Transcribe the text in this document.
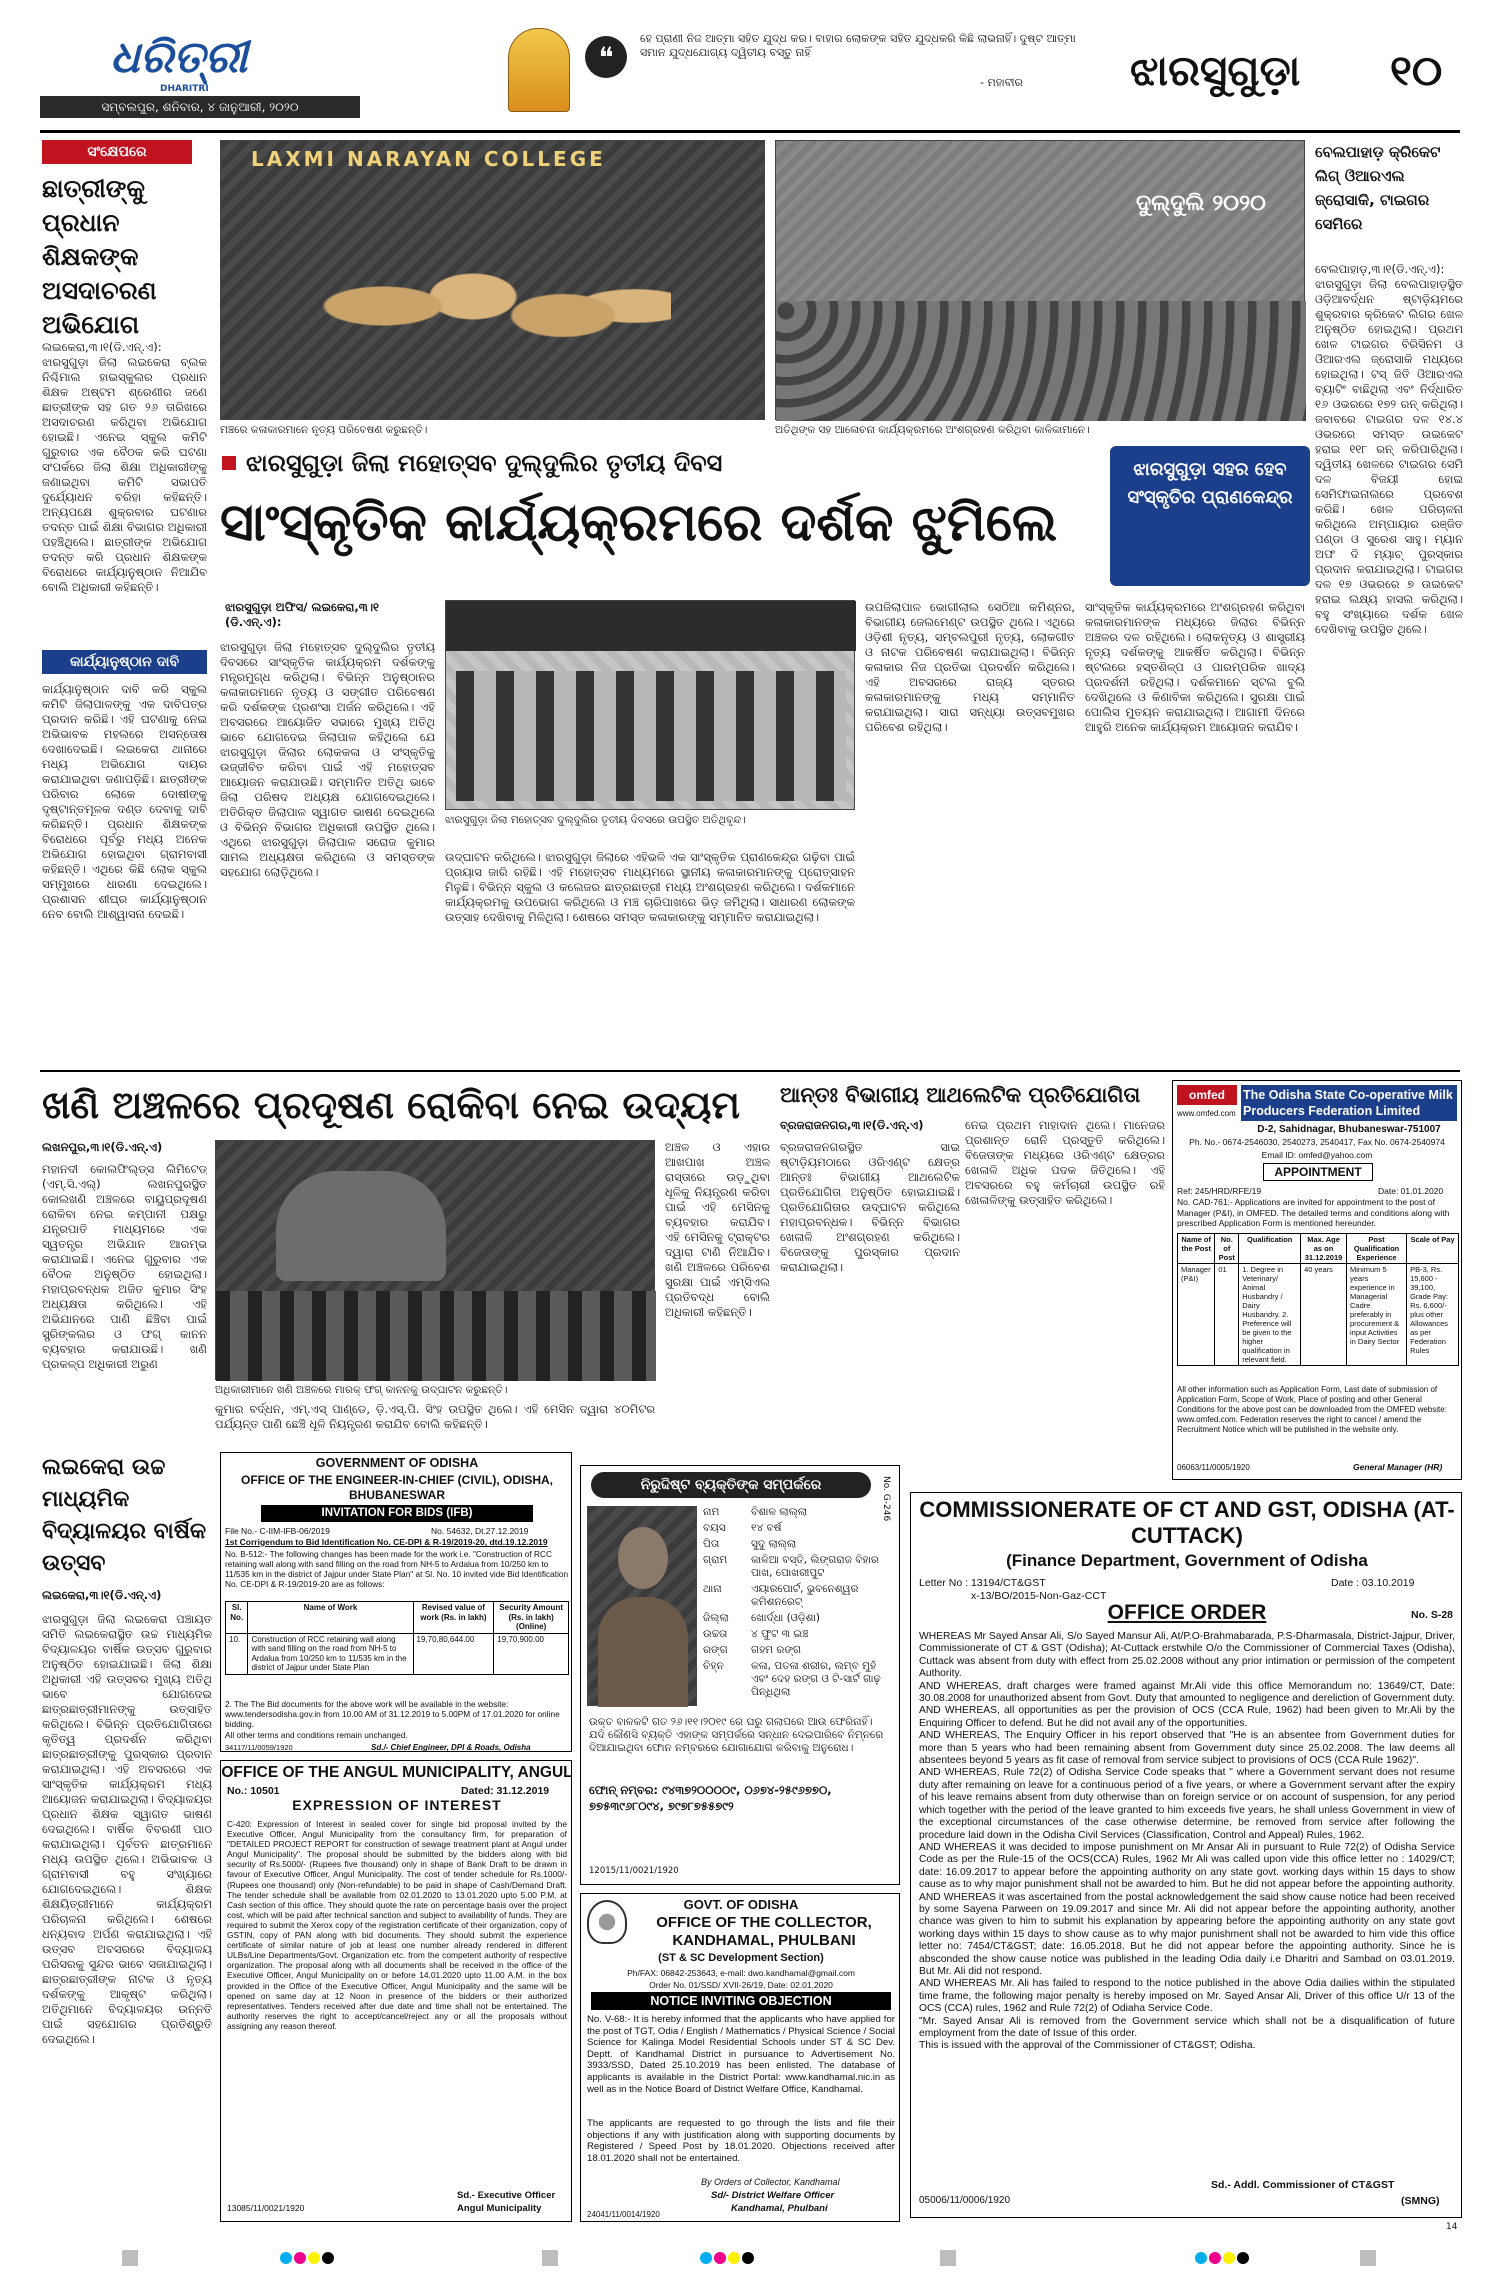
ଧରିତ୍ରୀ
DHARITRI
ସମ୍ବଲପୁର, ଶନିବାର, ୪ ଜାନୁଆରୀ, ୨୦୨୦
❝
ହେ ପ୍ରାଣୀ ନିଜ ଆତ୍ମା ସହିତ ଯୁଦ୍ଧ କର। ବାହାର ଲୋକଙ୍କ ସହିତ ଯୁଦ୍ଧକରି କିଛି ଲାଭନାହିଁ। ଦୁଷ୍ଟ ଆତ୍ମା ସମାନ ଯୁଦ୍ଧଯୋଗ୍ୟ ଦ୍ୱିତୀୟ ବସ୍ତୁ ନାହିଁ
- ମହାବୀର	ଝାରସୁଗୁଡ଼ା ୧୦
ସଂକ୍ଷେପରେ
ଛାତ୍ରୀଙ୍କୁ ପ୍ରଧାନ ଶିକ୍ଷକଙ୍କ ଅସଦାଚରଣ ଅଭିଯୋଗ
ଲଇକେରା,୩।୧(ଡି.ଏନ୍‌.ଏ): ଝାରସୁଗୁଡ଼ା ଜିଲା ଲଇକେରା ବ୍ଲକ ନିଶ୍ଚିମାଲ ହାଇସ୍କୁଲର ପ୍ରଧାନ ଶିକ୍ଷକ ଅଷ୍ଟମ ଶ୍ରେଣୀର ଜଣେ ଛାତ୍ରୀଙ୍କ ସହ ଗତ ୨୬ ତାରିଖରେ ଅସଦାଚରଣ କରିଥିବା ଅଭିଯୋଗ ହୋଇଛି। ଏନେଇ ସ୍କୁଲ କମିଟି ଗୁରୁବାର ଏକ ବୈଠକ କରି ଘଟଣା ସଂପର୍କରେ ଜିଲା ଶିକ୍ଷା ଅଧିକାରୀଙ୍କୁ ଜଣାଇଥିବା କମିଟି ସଭାପତି ଦୁର୍ଯ୍ୟୋଧନ ବରିହା କହିଛନ୍ତି। ଅନ୍ୟପକ୍ଷେ ଶୁକ୍ରବାର ଘଟଣାର ତଦନ୍ତ ପାଇଁ ଶିକ୍ଷା ବିଭାଗର ଅଧିକାରୀ ପହଞ୍ଚିଥିଲେ। ଛାତ୍ରୀଙ୍କ ଅଭିଯୋଗ ତଦନ୍ତ କରି ପ୍ରଧାନ ଶିକ୍ଷକଙ୍କ ବିରୋଧରେ କାର୍ଯ୍ୟାନୁଷ୍ଠାନ ନିଆଯିବ ବୋଲି ଅଧିକାରୀ କହିଛନ୍ତି।
କାର୍ଯ୍ୟାନୁଷ୍ଠାନ ଦାବି
କାର୍ଯ୍ୟାନୁଷ୍ଠାନ ଦାବି କରି ସ୍କୁଲ କମିଟି ଜିଲାପାଳଙ୍କୁ ଏକ ଦାବିପତ୍ର ପ୍ରଦାନ କରିଛି। ଏହି ଘଟଣାକୁ ନେଇ ଅଭିଭାବକ ମହଲରେ ଅସନ୍ତୋଷ ଦେଖାଦେଇଛି। ଲଇକେରା ଥାନାରେ ମଧ୍ୟ ଅଭିଯୋଗ ଦାୟର କରାଯାଇଥିବା ଜଣାପଡ଼ିଛି। ଛାତ୍ରୀଙ୍କ ପରିବାର ଲୋକେ ଦୋଷୀଙ୍କୁ ଦୃଷ୍ଟାନ୍ତମୂଳକ ଦଣ୍ଡ ଦେବାକୁ ଦାବି କରିଛନ୍ତି। ପ୍ରଧାନ ଶିକ୍ଷକଙ୍କ ବିରୋଧରେ ପୂର୍ବରୁ ମଧ୍ୟ ଅନେକ ଅଭିଯୋଗ ହୋଇଥିବା ଗ୍ରାମବାସୀ କହିଛନ୍ତି। ଏଥିରେ କିଛି ଲୋକ ସ୍କୁଲ ସମ୍ମୁଖରେ ଧାରଣା ଦେଇଥିଲେ। ପ୍ରଶାସନ ଶୀଘ୍ର କାର୍ଯ୍ୟାନୁଷ୍ଠାନ ନେବ ବୋଲି ଆଶ୍ୱାସନା ଦେଇଛି।
LAXMI NARAYAN COLLEGE
ମଞ୍ଚରେ କଳାକାରମାନେ ନୃତ୍ୟ ପରିବେଷଣ କରୁଛନ୍ତି।
ଦୁଲ୍‌ଦୁଲି ୨୦୨୦
ଅତିଥିଙ୍କ ସହ ଆଳୋଚନା କାର୍ଯ୍ୟକ୍ରମରେ ଅଂଶଗ୍ରହଣ କରିଥିବା କାଳିକାମାନେ।
ବେଲପାହାଡ଼ କ୍ରିକେଟ ଲିଗ୍‌ ଓିଆରଏଲ ଜ୍ରୋସାକି, ଟାଇଗର ସେମିରେ
ବେଲପାହାଡ଼,୩।୧(ଡି.ଏନ୍‌.ଏ): ଝାରସୁଗୁଡ଼ା ଜିଲା ବେଲପାହାଡ଼ସ୍ଥିତ ଓଡ଼ିଆବର୍ଦ୍ଧନ ଷ୍ଟାଡ଼ିୟମରେ ଶୁକ୍ରବାର କ୍ରିକେଟ ଲିଗର ଖେଳ ଅନୁଷ୍ଠିତ ହୋଇଥିଲା। ପ୍ରଥମ ଖେଳ ଟାଇଗର ବିରିସିନମ ଓ ଓିଆରଏଲ ଜ୍ରୋସାକି ମଧ୍ୟରେ ହୋଇଥିଲା। ଟସ୍‌ ଜିତି ଓିଆରଏଲ ବ୍ୟାଟିଂ ବାଛିଥିଲା ଏବଂ ନିର୍ଦ୍ଧାରିତ ୧୬ ଓଭରରେ ୧୭୨ ରନ୍‌ କରିଥିଲା। ଜବାବରେ ଟାଇଗର ଦଳ ୧୪.୪ ଓଭରରେ ସମସ୍ତ ଉଇକେଟ ହରାଇ ୧୧୮ ରନ୍‌ କରିପାରିଥିଲା। ଦ୍ୱିତୀୟ ଖେଳରେ ଟାଇଗର ସେମି ଦଳ ବିଜୟୀ ହୋଇ ସେମିଫାଇନାଲରେ ପ୍ରବେଶ କରିଛି। ଖେଳ ପରିଚାଳନା କରିଥିଲେ ଅମ୍ପାୟାର ରଞ୍ଜିତ ପଣ୍ଡା ଓ ସୁରେଶ ସାହୁ। ମ୍ୟାନ ଅଫ ଦି ମ୍ୟାଚ୍‌ ପୁରସ୍କାର ପ୍ରଦାନ କରାଯାଇଥିଲା। ଟାଇଗର ଦଳ ୧୭ ଓଭରରେ ୭ ଉଇକେଟ ହରାଇ ଲକ୍ଷ୍ୟ ହାସଲ କରିଥିଲା। ବହୁ ସଂଖ୍ୟାରେ ଦର୍ଶକ ଖେଳ ଦେଖିବାକୁ ଉପସ୍ଥିତ ଥିଲେ।
ଝାରସୁଗୁଡ଼ା ଜିଲା ମହୋତ୍ସବ ଦୁଲ୍‌ଦୁଲିର ତୃତୀୟ ଦିବସ
ସାଂସ୍କୃତିକ କାର୍ଯ୍ୟକ୍ରମରେ ଦର୍ଶକ ଝୁମିଲେ
ଝାରସୁଗୁଡ଼ା ସହର ହେବ ସଂସ୍କୃତିର ପ୍ରାଣକେନ୍ଦ୍ର
ଝାରସୁଗୁଡ଼ା ଅଫିସ/ ଲଇକେରା,୩।୧ (ଡି.ଏନ୍‌.ଏ):
ଝାରସୁଗୁଡ଼ା ଜିଲା ମହୋତ୍ସବ ଦୁଲ୍‌ଦୁଲିର ତୃତୀୟ ଦିବସରେ ସାଂସ୍କୃତିକ କାର୍ଯ୍ୟକ୍ରମ ଦର୍ଶକଙ୍କୁ ମନ୍ତ୍ରମୁଗ୍ଧ କରିଥିଲା। ବିଭିନ୍ନ ଅନୁଷ୍ଠାନର କଳାକାରମାନେ ନୃତ୍ୟ ଓ ସଙ୍ଗୀତ ପରିବେଷଣ କରି ଦର୍ଶକଙ୍କ ପ୍ରଶଂସା ଅର୍ଜନ କରିଥିଲେ। ଏହି ଅବସରରେ ଆୟୋଜିତ ସଭାରେ ମୁଖ୍ୟ ଅତିଥି ଭାବେ ଯୋଗଦେଇ ଜିଲାପାଳ କହିଥିଲେ ଯେ ଝାରସୁଗୁଡ଼ା ଜିଲାର ଲୋକକଳା ଓ ସଂସ୍କୃତିକୁ ଉଜ୍ଜୀବିତ କରିବା ପାଇଁ ଏହି ମହୋତ୍ସବ ଆୟୋଜନ କରାଯାଉଛି। ସମ୍ମାନିତ ଅତିଥି ଭାବେ ଜିଲା ପରିଷଦ ଅଧ୍ୟକ୍ଷ ଯୋଗଦେଇଥିଲେ। ଅତିରିକ୍ତ ଜିଲାପାଳ ସ୍ୱାଗତ ଭାଷଣ ଦେଇଥିଲେ ଓ ବିଭିନ୍ନ ବିଭାଗର ଅଧିକାରୀ ଉପସ୍ଥିତ ଥିଲେ। ଏଥିରେ ଝାରସୁଗୁଡ଼ା ଜିଲାପାଳ ସରୋଜ କୁମାର ସାମଲ ଅଧ୍ୟକ୍ଷତା କରିଥିଲେ ଓ ସମସ୍ତଙ୍କ ସହଯୋଗ ଲୋଡ଼ିଥିଲେ।
ଝାରସୁଗୁଡ଼ା ଜିଲା ମହୋତ୍ସବ ଦୁଲ୍‌ଦୁଲିର ତୃତୀୟ ଦିବସରେ ଉପସ୍ଥିତ ଅତିଥିବୃନ୍ଦ।
ଉଦ୍‌ଘାଟନ କରିଥିଲେ। ଝାରସୁଗୁଡ଼ା ଜିଲାରେ ଏହିଭଳି ଏକ ସାଂସ୍କୃତିକ ପ୍ରାଣକେନ୍ଦ୍ର ଗଢ଼ିବା ପାଇଁ ପ୍ରୟାସ ଜାରି ରହିଛି। ଏହି ମହୋତ୍ସବ ମାଧ୍ୟମରେ ସ୍ଥାନୀୟ କଳାକାରମାନଙ୍କୁ ପ୍ରୋତ୍ସାହନ ମିଳୁଛି। ବିଭିନ୍ନ ସ୍କୁଲ ଓ କଲେଜର ଛାତ୍ରଛାତ୍ରୀ ମଧ୍ୟ ଅଂଶଗ୍ରହଣ କରିଥିଲେ। ଦର୍ଶକମାନେ କାର୍ଯ୍ୟକ୍ରମକୁ ଉପଭୋଗ କରିଥିଲେ ଓ ମଞ୍ଚ ଚାରିପାଖରେ ଭିଡ଼ ଜମିଥିଲା। ସାଧାରଣ ଲୋକଙ୍କ ଉତ୍ସାହ ଦେଖିବାକୁ ମିଳିଥିଲା। ଶେଷରେ ସମସ୍ତ କଳାକାରଙ୍କୁ ସମ୍ମାନିତ କରାଯାଇଥିଲା।
ଉପଜିଲାପାଳ ଭୋଗୀଲାଲ ସେଠିଆ କମିଶ୍ନର, ବିଭାଗୀୟ ଜେଲମେଣ୍ଟ ଉପସ୍ଥିତ ଥିଲେ। ଏଥିରେ ଓଡ଼ିଶୀ ନୃତ୍ୟ, ସମ୍ବଲପୁରୀ ନୃତ୍ୟ, ଲୋକଗୀତ ଓ ନାଟକ ପରିବେଷଣ କରାଯାଇଥିଲା। ବିଭିନ୍ନ କଳାକାର ନିଜ ପ୍ରତିଭା ପ୍ରଦର୍ଶନ କରିଥିଲେ। ଏହି ଅବସରରେ ରାଜ୍ୟ ସ୍ତରର କଳାକାରମାନଙ୍କୁ ମଧ୍ୟ ସମ୍ମାନିତ କରାଯାଇଥିଲା। ସାରା ସନ୍ଧ୍ୟା ଉତ୍ସବମୁଖର ପରିବେଶ ରହିଥିଲା।
ସାଂସ୍କୃତିକ କାର୍ଯ୍ୟକ୍ରମରେ ଅଂଶଗ୍ରହଣ କରିଥିବା କଳାକାରମାନଙ୍କ ମଧ୍ୟରେ ଜିଲାର ବିଭିନ୍ନ ଅଞ୍ଚଳର ଦଳ ରହିଥିଲେ। ଲୋକନୃତ୍ୟ ଓ ଶାସ୍ତ୍ରୀୟ ନୃତ୍ୟ ଦର୍ଶକଙ୍କୁ ଆକର୍ଷିତ କରିଥିଲା। ବିଭିନ୍ନ ଷ୍ଟଲରେ ହସ୍ତଶିଳ୍ପ ଓ ପାରମ୍ପରିକ ଖାଦ୍ୟ ପ୍ରଦର୍ଶନୀ ରହିଥିଲା। ଦର୍ଶକମାନେ ସ୍ଟଲ ବୁଲି ଦେଖିଥିଲେ ଓ କିଣାବିକା କରିଥିଲେ। ସୁରକ୍ଷା ପାଇଁ ପୋଲିସ ମୁତୟନ କରାଯାଇଥିଲା। ଆଗାମୀ ଦିନରେ ଆହୁରି ଅନେକ କାର୍ଯ୍ୟକ୍ରମ ଆୟୋଜନ କରାଯିବ।
ଖଣି ଅଞ୍ଚଳରେ ପ୍ରଦୂଷଣ ରୋକିବା ନେଇ ଉଦ୍ୟମ
ଲଖନପୁର,୩।୧(ଡି.ଏନ୍‌.ଏ)
ମହାନଦୀ କୋଲଫିଲ୍ଡ୍‌ସ ଲିମିଟେଡ୍‌ (ଏମ୍‌.ସି.ଏଲ୍‌) ଲଖନପୁରସ୍ଥିତ କୋଲଖଣି ଅଞ୍ଚଳରେ ବାୟୁପ୍ରଦୂଷଣ ରୋକିବା ନେଇ କମ୍ପାନୀ ପକ୍ଷରୁ ଯନ୍ତ୍ରପାତି ମାଧ୍ୟମରେ ଏକ ସ୍ୱତନ୍ତ୍ର ଅଭିଯାନ ଆରମ୍ଭ କରାଯାଇଛି। ଏନେଇ ଗୁରୁବାର ଏକ ବୈଠକ ଅନୁଷ୍ଠିତ ହୋଇଥିଲା। ମହାପ୍ରବନ୍ଧକ ଅଜିତ କୁମାର ସିଂହ ଅଧ୍ୟକ୍ଷତା କରିଥିଲେ। ଏହି ଅଭିଯାନରେ ପାଣି ଛିଞ୍ଚିବା ପାଇଁ ସ୍ପ୍ରିଙ୍କଲର ଓ ଫଗ୍‌ କାନନ ବ୍ୟବହାର କରାଯାଉଛି। ଖଣି ପ୍ରକଳ୍ପ ଅଧିକାରୀ ଅରୁଣ
ଅଧିକାରୀମାନେ ଖଣି ଅଞ୍ଚଳରେ ମାରକ୍ ଫଗ୍ କାନନକୁ ଉଦ୍‌ଘାଟନ କରୁଛନ୍ତି।
କୁମାର ବର୍ଦ୍ଧନ, ଏମ୍‌.ଏସ୍‌ ପାଣ୍ଡେ, ଡ଼ି.ଏସ୍‌.ପି. ସିଂହ ଉପସ୍ଥିତ ଥିଲେ। ଏହି ମେସିନ ଦ୍ୱାରା ୪୦ମିଟର ପର୍ଯ୍ୟନ୍ତ ପାଣି ଛେଞ୍ଚି ଧୂଳି ନିୟନ୍ତ୍ରଣ କରାଯିବ ବୋଲି କହିଛନ୍ତି।
ଅଞ୍ଚଳ ଓ ଏହାର ଆଖପାଖ ଅଞ୍ଚଳ ରାସ୍ତାରେ ଉଡ଼ୁଥିବା ଧୂଳିକୁ ନିୟନ୍ତ୍ରଣ କରିବା ପାଇଁ ଏହି ମେସିନକୁ ବ୍ୟବହାର କରାଯିବ। ଏହି ମେସିନକୁ ଟ୍ରାକ୍ଟର ଦ୍ୱାରା ଟାଣି ନିଆଯିବ। ଖଣି ଅଞ୍ଚଳରେ ପରିବେଶ ସୁରକ୍ଷା ପାଇଁ ଏମ୍‌ସିଏଲ ପ୍ରତିବଦ୍ଧ ବୋଲି ଅଧିକାରୀ କହିଛନ୍ତି।
ଆନ୍ତଃ ବିଭାଗୀୟ ଆଥଲେଟିକ ପ୍ରତିଯୋଗିତା
ବ୍ରଜରାଜନଗର,୩।୧(ଡି.ଏନ୍‌.ଏ)
ବ୍ରଜରାଜନଗରସ୍ଥିତ ସାଇ ଷ୍ଟାଡ଼ିୟମଠାରେ ଓରିଏଣ୍ଟ କ୍ଷେତ୍ର ଆନ୍ତଃ ବିଭାଗୀୟ ଆଥଲେଟିକ ପ୍ରତିଯୋଗିତା ଅନୁଷ୍ଠିତ ହୋଇଯାଇଛି। ପ୍ରତିଯୋଗିତାର ଉଦ୍‌ଘାଟନ କରିଥିଲେ ମହାପ୍ରବନ୍ଧକ। ବିଭିନ୍ନ ବିଭାଗର ଖେଳାଳି ଅଂଶଗ୍ରହଣ କରିଥିଲେ। ବିଜେତାଙ୍କୁ ପୁରସ୍କାର ପ୍ରଦାନ କରାଯାଇଥିଲା।
ନେଇ ପ୍ରଥମ ମାହାଦାନ ଥିଲେ। ମାନେଜର ପ୍ରଶାନ୍ତ ରୋନି ପ୍ରସ୍ତୁତି କରିଥିଲେ। ବିଜେତାଙ୍କ ମଧ୍ୟରେ ଓରିଏଣ୍ଟ କ୍ଷେତ୍ରର ଖେଳାଳି ଅଧିକ ପଦକ ଜିତିଥିଲେ। ଏହି ଅବସରରେ ବହୁ କର୍ମଚାରୀ ଉପସ୍ଥିତ ରହି ଖେଳାଳିଙ୍କୁ ଉତ୍ସାହିତ କରିଥିଲେ।
omfed
www.omfed.com
The Odisha State Co-operative Milk Producers Federation Limited
D-2, Sahidnagar, Bhubaneswar-751007
Ph. No.- 0674-2546030, 2540273, 2540417, Fax No. 0674-2540974
Email ID: omfed@yahoo.com
APPOINTMENT
Ref: 245/HRD/RFE/19	Date: 01.01.2020
No. CAD-761:- Applications are invited for appointment to the post of Manager (P&I), in OMFED. The detailed terms and conditions along with prescribed Application Form is mentioned hereunder.
Name of the Post	No. of Post	Qualification	Max. Age as on 31.12.2019	Post Qualification Experience	Scale of Pay
Manager (P&I)	01	1. Degree in Veterinary/ Animal Husbandry / Dairy Husbandry. 2. Preference will be given to the higher qualification in relevant field.	40 years	Minimum 5 years experience in Managerial Cadre preferably in procurement & input Activities in Dairy Sector	PB-3, Rs. 15,600 - 39,100, Grade Pay: Rs. 6,600/- plus other Allowances as per Federation Rules
All other information such as Application Form, Last date of submission of Application Form, Scope of Work, Place of posting and other General Conditions for the above post can be downloaded from the OMFED website: www.omfed.com. Federation reserves the right to cancel / amend the Recruitment Notice which will be published in the website only.
06063/11/0005/1920	General Manager (HR)
ନିରୁଦ୍ଦିଷ୍ଟ ବ୍ୟକ୍ତିଙ୍କ ସମ୍ପର୍କରେ	No. G-246
ନାମ	ବିଶାଳ ଲାଲ୍ଲା
ବୟସ	୧୪ ବର୍ଷ
ପିତା	ସୁଦୁ ଲାଲ୍ଲା
ଗ୍ରାମ	କାଳିଆ ବସ୍ତି, ଲିଙ୍ଗରାଜ ବିହାର ପାଖ, ପୋଖରୀପୁଟ
ଥାନା	ଏୟାରପୋର୍ଟ, ଭୁବନେଶ୍ୱର କମିଶନରେଟ୍‌
ଜିଲ୍ଲା	ଖୋର୍ଦ୍ଧା (ଓଡ଼ିଶା)
ଉଚ୍ଚତା	୪ ଫୁଟ ୩ ଇଞ୍ଚ
ରଙ୍ଗ	ଗହମ ରଙ୍ଗ
ଚିହ୍ନ	କଳା, ପତଳା ଶରୀର, ଲମ୍ବ ମୁହଁ ଏବଂ ଦେହ ରଙ୍ଗ ଓ ଟି-ସାର୍ଟ ଗାଢ଼ ପିନ୍ଧିଥିଲା
ଉକ୍ତ ବାଳକଟି ଗତ ୨୬।୧୧।୨୦୧୯ ରେ ଘରୁ ଗଲାପରେ ଆଉ ଫେରିନାହିଁ। ଯଦି କୌଣସି ବ୍ୟକ୍ତି ଏହାଙ୍କ ସମ୍ପର୍କରେ ସନ୍ଧାନ ଦେଇପାରିବେ ନିମ୍ନରେ ଦିଆଯାଇଥିବା ଫୋନ ନମ୍ବରରେ ଯୋଗାଯୋଗ କରିବାକୁ ଅନୁରୋଧ।
ଫୋନ୍‌ ନମ୍ବର: ୯୪୩୭୨୦୦୦୦୯, ୦୬୭୪-୨୫୯୬୭୭୦, ୭୭୫୩୯୬୮୦୯୪, ୭୯୭୮୭୫୫୭୯୨
12015/11/0021/1920
COMMISSIONERATE OF CT AND GST, ODISHA (AT- CUTTACK)
(Finance Department, Government of Odisha
Letter No : 13194/CT&GST
x-13/BO/2015-Non-Gaz-CCT
Date : 03.10.2019
OFFICE ORDER	No. S-28
WHEREAS Mr Sayed Ansar Ali, S/o Sayed Mansur Ali, At/P.O-Brahmabarada, P.S-Dharmasala, District-Jajpur, Driver, Commissionerate of CT & GST (Odisha); At-Cuttack erstwhile O/o the Commissioner of Commercial Taxes (Odisha), Cuttack was absent from duty with effect from 25.02.2008 without any prior intimation or permission of the competent Authority.
AND WHEREAS, draft charges were framed against Mr.Ali vide this office Memorandum no: 13649/CT, Date: 30.08.2008 for unauthorized absent from Govt. Duty that amounted to negligence and dereliction of Government duty.
AND WHEREAS, all opportunities as per the provision of OCS (CCA Rule, 1962) had been given to Mr.Ali by the Enquiring Officer to defend. But he did not avail any of the opportunities.
AND WHEREAS, The Enquiry Officer in his report observed that "He is an absentee from Government duties for more than 5 years who had been remaining absent from Government duty since 25.02.2008. The law deems all absentees beyond 5 years as fit case of removal from service subject to provisions of OCS (CCA Rule 1962)".
AND WHEREAS, Rule 72(2) of Odisha Service Code speaks that " where a Government servant does not resume duty after remaining on leave for a continuous period of a five years, or where a Government servant after the expiry of his leave remains absent from duty otherwise than on foreign service or on account of suspension, for any period which together with the period of the leave granted to him exceeds five years, he shall unless Government in view of the exceptional circumstances of the case otherwise determine, be removed from service after following the procedure laid down in the Odisha Civil Services (Classification, Control and Appeal) Rules, 1962.
AND WHEREAS it was decided to impose punishment on Mr Ansar Ali in pursuant to Rule 72(2) of Odisha Service Code as per the Rule-15 of the OCS(CCA) Rules, 1962 Mr Ali was called upon vide this office letter no : 14029/CT; date: 16.09.2017 to appear before the appointing authority on any state govt. working days within 15 days to show cause as to why major punishment shall not be awarded to him. But he did not appear before the appointing authority.
AND WHEREAS it was ascertained from the postal acknowledgement the said show cause notice had been received by some Sayena Parween on 19.09.2017 and since Mr. Ali did not appear before the appointing authority, another chance was given to him to submit his explanation by appearing before the appointing authority on any state govt working days within 15 days to show cause as to why major punishment shall not be awarded to him vide this office letter no: 7454/CT&GST; date: 16.05.2018. But he did not appear before the appointing authority. Since he is absconded the show cause notice was published in the leading Odia daily i.e Dharitri and Sambad on 03.01.2019. But Mr. Ali did not respond.
AND WHEREAS Mr. Ali has failed to respond to the notice published in the above Odia dailies within the stipulated time frame, the following major penalty is hereby imposed on Mr. Sayed Ansar Ali, Driver of this office U/r 13 of the OCS (CCA) rules, 1962 and Rule 72(2) of Odiaha Service Code.
"Mr. Sayed Ansar Ali is removed from the Government service which shall not be a disqualification of future employment from the date of Issue of this order.
This is issued with the approval of the Commissioner of CT&GST; Odisha.
Sd.- Addl. Commissioner of CT&GST
(SMNG)
05006/11/0006/1920
ଲଇକେରା ଉଚ୍ଚ ମାଧ୍ୟମିକ ବିଦ୍ୟାଳୟର ବାର୍ଷିକ ଉତ୍ସବ
ଲଇକେରା,୩।୧(ଡି.ଏନ୍‌.ଏ)
ଝାରସୁଗୁଡ଼ା ଜିଲା ଲଇକେରା ପଞ୍ଚାୟତ ସମିତି ଲଇକେରାସ୍ଥିତ ଉଚ୍ଚ ମାଧ୍ୟମିକ ବିଦ୍ୟାଳୟର ବାର୍ଷିକ ଉତ୍ସବ ଗୁରୁବାର ଅନୁଷ୍ଠିତ ହୋଇଯାଇଛି। ଜିଲା ଶିକ୍ଷା ଅଧିକାରୀ ଏହି ଉତ୍ସବର ମୁଖ୍ୟ ଅତିଥି ଭାବେ ଯୋଗଦେଇ ଛାତ୍ରଛାତ୍ରୀମାନଙ୍କୁ ଉତ୍ସାହିତ କରିଥିଲେ। ବିଭିନ୍ନ ପ୍ରତିଯୋଗିତାରେ କୃତିତ୍ୱ ପ୍ରଦର୍ଶନ କରିଥିବା ଛାତ୍ରଛାତ୍ରୀଙ୍କୁ ପୁରସ୍କାର ପ୍ରଦାନ କରାଯାଇଥିଲା। ଏହି ଅବସରରେ ଏକ ସାଂସ୍କୃତିକ କାର୍ଯ୍ୟକ୍ରମ ମଧ୍ୟ ଆୟୋଜନ କରାଯାଇଥିଲା। ବିଦ୍ୟାଳୟର ପ୍ରଧାନ ଶିକ୍ଷକ ସ୍ୱାଗତ ଭାଷଣ ଦେଇଥିଲେ। ବାର୍ଷିକ ବିବରଣୀ ପାଠ କରାଯାଇଥିଲା। ପୂର୍ବତନ ଛାତ୍ରମାନେ ମଧ୍ୟ ଉପସ୍ଥିତ ଥିଲେ। ଅଭିଭାବକ ଓ ଗ୍ରାମବାସୀ ବହୁ ସଂଖ୍ୟାରେ ଯୋଗଦେଇଥିଲେ। ଶିକ୍ଷକ ଶିକ୍ଷୟିତ୍ରୀମାନେ କାର୍ଯ୍ୟକ୍ରମ ପରିଚାଳନା କରିଥିଲେ। ଶେଷରେ ଧନ୍ୟବାଦ ଅର୍ପଣ କରାଯାଇଥିଲା। ଏହି ଉତ୍ସବ ଅବସରରେ ବିଦ୍ୟାଳୟ ପରିସରକୁ ସୁନ୍ଦର ଭାବେ ସଜାଯାଇଥିଲା। ଛାତ୍ରଛାତ୍ରୀଙ୍କ ନାଟକ ଓ ନୃତ୍ୟ ଦର୍ଶକଙ୍କୁ ଆକୃଷ୍ଟ କରିଥିଲା। ଅତିଥିମାନେ ବିଦ୍ୟାଳୟର ଉନ୍ନତି ପାଇଁ ସହଯୋଗର ପ୍ରତିଶ୍ରୁତି ଦେଇଥିଲେ।
GOVERNMENT OF ODISHA
OFFICE OF THE ENGINEER-IN-CHIEF (CIVIL), ODISHA, BHUBANESWAR
INVITATION FOR BIDS (IFB)
File No.- C-IIM-IFB-06/2019	No. 54632, Dt.27.12.2019
1st Corrigendum to Bid Identification No. CE-DPI & R-19/2019-20, dtd.19.12.2019
No. B-512:- The following changes has been made for the work i.e. "Construction of RCC retaining wall along with sand filling on the road from NH-5 to Ardalua from 10/250 km to 11/535 km in the district of Jajpur under State Plan" at Sl. No. 10 invited vide Bid Identification No. CE-DPI & R-19/2019-20 are as follows:
Sl. No.	Name of Work	Revised value of work (Rs. in lakh)	Security Amount (Rs. in lakh) (Online)
10.	Construction of RCC retaining wall along with sand filling on the road from NH-5 to Ardalua from 10/250 km to 11/535 km in the district of Jajpur under State Plan	19,70,80,644.00	19,70,900.00
2. The The Bid documents for the above work will be available in the website: www.tendersodisha.gov.in from 10.00 AM of 31.12.2019 to 5.00PM of 17.01.2020 for online bidding.
All other terms and conditions remain unchanged.
34117/11/0059/1920	Sd./- Chief Engineer, DPI & Roads, Odisha
OFFICE OF THE ANGUL MUNICIPALITY, ANGUL
No.: 10501	Dated: 31.12.2019
EXPRESSION OF INTEREST
C-420: Expression of Interest in sealed cover for single bid proposal invited by the Executive Officer, Angul Municipality from the consultancy firm, for preparation of "DETAILED PROJECT REPORT for construction of sewage treatment plant at Angul under Angul Municipality". The proposal should be submitted by the bidders along with bid security of Rs.5000/- (Rupees five thousand) only in shape of Bank Draft to be drawn in favour of Executive Officer, Angul Municipality. The cost of tender schedule for Rs.1000/- (Rupees one thousand) only (Non-refundable) to be paid in shape of Cash/Demand Draft. The tender schedule shall be available from 02.01.2020 to 13.01.2020 upto 5.00 P.M. at Cash section of this office. They should quote the rate on percentage basis over the project cost, which will be paid after technical sanction and subject to availability of funds. They are required to submit the Xerox copy of the registration certificate of their organization, copy of GSTIN, copy of PAN along with bid documents. They should submit the experience certificate of similar nature of job at least one number already rendered in different ULBs/Line Departments/Govt. Organization etc. from the competent authority of respective organization. The proposal along with all documents shall be received in the office of the Executive Officer, Angul Municipality on or before 14.01.2020 upto 11.00 A.M. in the box provided in the Office of the Executive Officer, Angul Municipality and the same will be opened on same day at 12 Noon in presence of the bidders or their authorized representatives. Tenders received after due date and time shall not be entertained. The authority reserves the right to accept/cancel/reject any or all the proposals without assigning any reason thereof.
Sd.- Executive Officer
Angul Municipality
13085/11/0021/1920
GOVT. OF ODISHA
OFFICE OF THE COLLECTOR, KANDHAMAL, PHULBANI
(ST & SC Development Section)
Ph/FAX: 06842-253643, e-mail: dwo.kandhamal@gmail.com
Order No. 01/SSD/ XVII-26/19, Date: 02.01.2020
NOTICE INVITING OBJECTION
No. V-68:- It is hereby informed that the applicants who have applied for the post of TGT, Odia / English / Mathematics / Physical Science / Social Science for Kalinga Model Residential Schools under ST & SC Dev. Deptt. of Kandhamal District in pursuance to Advertisement No. 3933/SSD, Dated 25.10.2019 has been enlisted. The database of applicants is available in the District Portal: www.kandhamal.nic.in as well as in the Notice Board of District Welfare Office, Kandhamal.
The applicants are requested to go through the lists and file their objections if any with justification along with supporting documents by Registered / Speed Post by 18.01.2020. Objections received after 18.01.2020 shall not be entertained.
By Orders of Collector, Kandhamal
Sd/- District Welfare Officer
Kandhamal, Phulbani
24041/11/0014/1920
14
